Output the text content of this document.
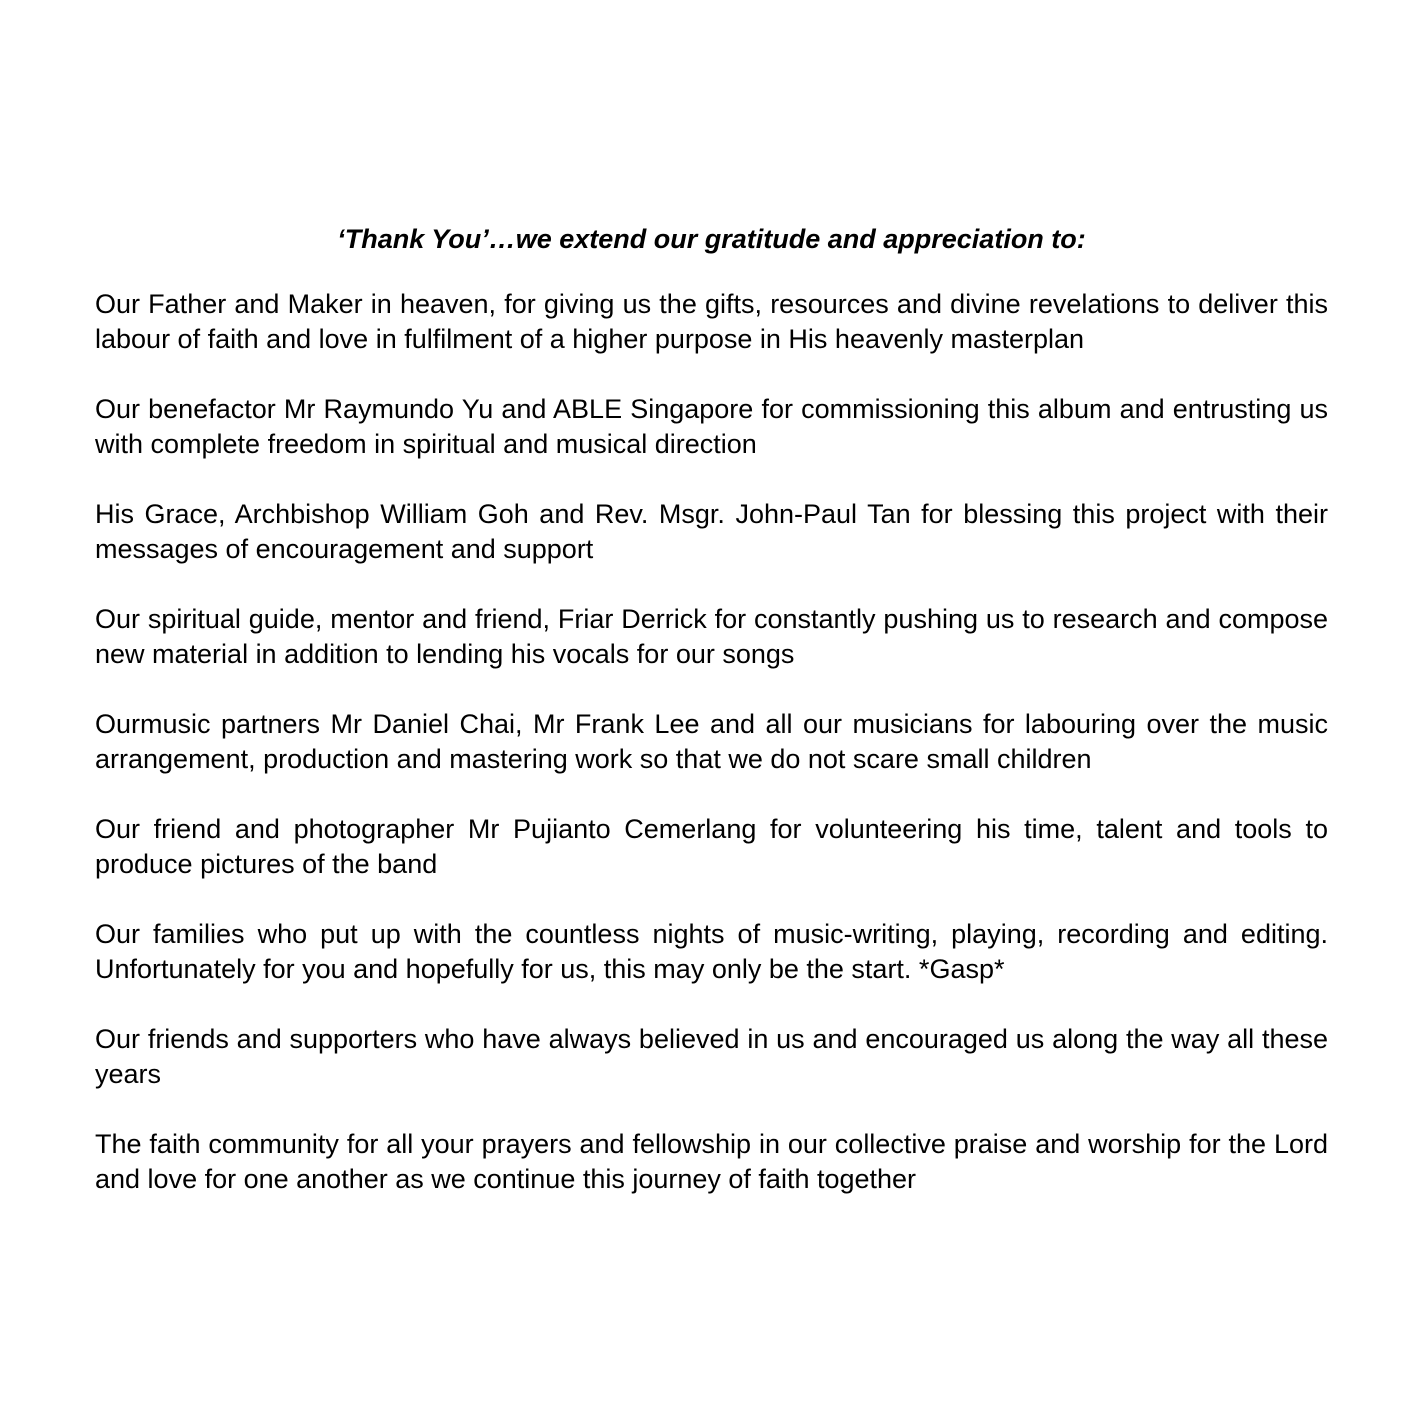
‘Thank You’…we extend our gratitude and appreciation to:

Our Father and Maker in heaven, for giving us the gifts, resources and divine revelations to deliver this labour of faith and love in fulfilment of a higher purpose in His heavenly masterplan

Our benefactor Mr Raymundo Yu and ABLE Singapore for commissioning this album and entrusting us with complete freedom in spiritual and musical direction

His Grace, Archbishop William Goh and Rev. Msgr. John-Paul Tan for blessing this project with their messages of encouragement and support

Our spiritual guide, mentor and friend, Friar Derrick for constantly pushing us to research and compose new material in addition to lending his vocals for our songs

Ourmusic partners Mr Daniel Chai, Mr Frank Lee and all our musicians for labouring over the music arrangement, production and mastering work so that we do not scare small children

Our friend and photographer Mr Pujianto Cemerlang for volunteering his time, talent and tools to produce pictures of the band

Our families who put up with the countless nights of music-writing, playing, recording and editing. Unfortunately for you and hopefully for us, this may only be the start. *Gasp*

Our friends and supporters who have always believed in us and encouraged us along the way all these years

The faith community for all your prayers and fellowship in our collective praise and worship for the Lord and love for one another as we continue this journey of faith together
